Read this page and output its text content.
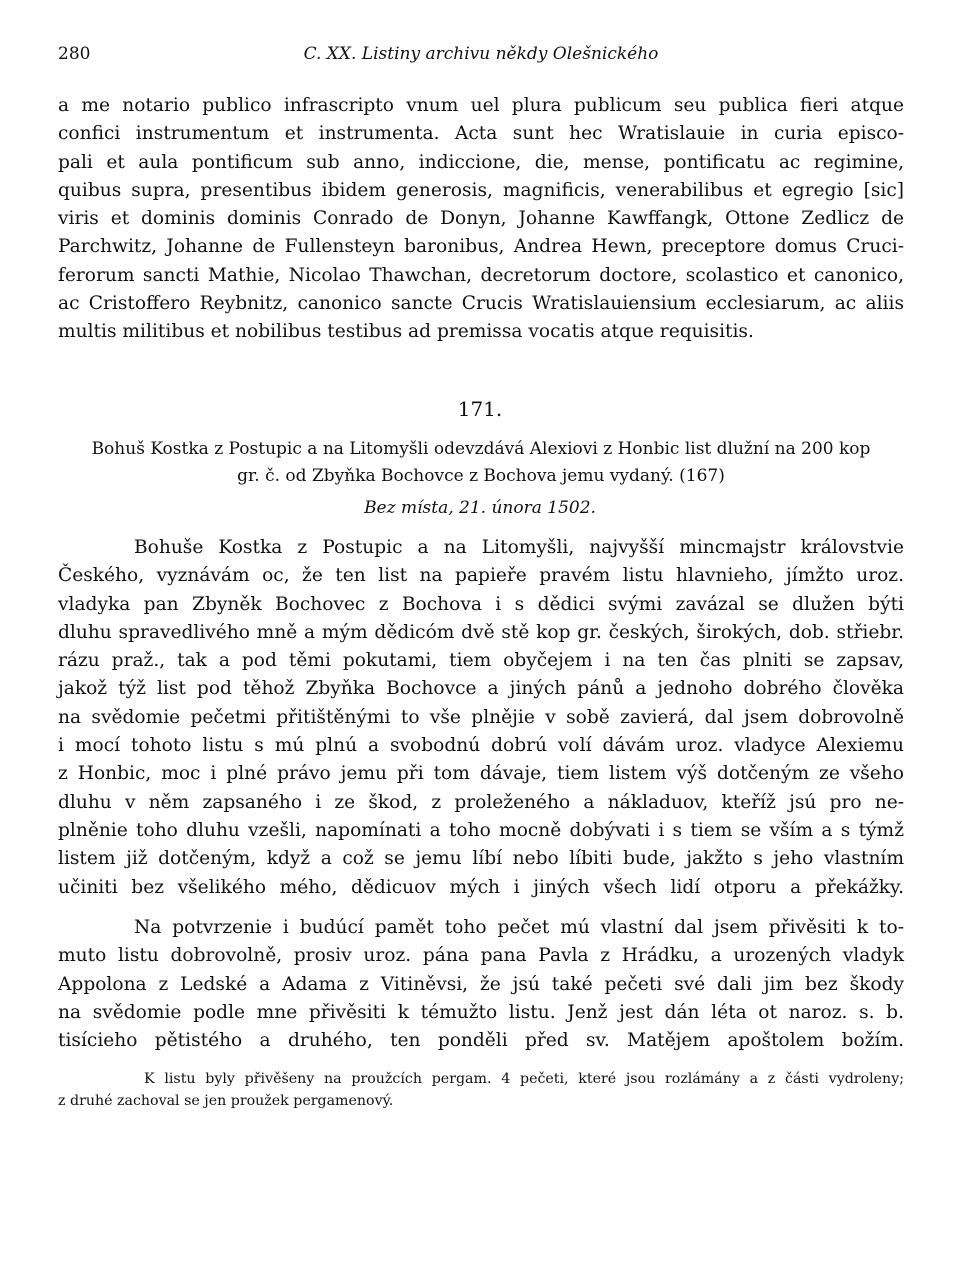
280	C. XX. Listiny archivu někdy Olešnického

a me notario publico infrascripto vnum uel plura publicum seu publica fieri atque

confici instrumentum et instrumenta. Acta sunt hec Wratislauie in curia episco-

pali et aula pontificum sub anno, indiccione, die, mense, pontificatu ac regimine,

quibus supra, presentibus ibidem generosis, magnificis, venerabilibus et egregio [sic]

viris et dominis dominis Conrado de Donyn, Johanne Kawffangk, Ottone Zedlicz de

Parchwitz, Johanne de Fullensteyn baronibus, Andrea Hewn, preceptore domus Cruci-

ferorum sancti Mathie, Nicolao Thawchan, decretorum doctore, scolastico et canonico,

ac Cristoffero Reybnitz, canonico sancte Crucis Wratislauiensium ecclesiarum, ac aliis

multis militibus et nobilibus testibus ad premissa vocatis atque requisitis.

171.
Bohuš Kostka z Postupic a na Litomyšli odevzdává Alexiovi z Honbic list dlužní na 200 kop
gr. č. od Zbyňka Bochovce z Bochova jemu vydaný. (167)
Bez místa, 21. února 1502.

Bohuše Kostka z Postupic a na Litomyšli, najvyšší mincmajstr královstvie

Českého, vyznávám oc, že ten list na papieře pravém listu hlavnieho, jímžto uroz.

vladyka pan Zbyněk Bochovec z Bochova i s dědici svými zavázal se dlužen býti

dluhu spravedlivého mně a mým dědicóm dvě stě kop gr. českých, širokých, dob. střiebr.

rázu praž., tak a pod těmi pokutami, tiem obyčejem i na ten čas plniti se zapsav,

jakož týž list pod těhož Zbyňka Bochovce a jiných pánů a jednoho dobrého člověka

na svědomie pečetmi přitištěnými to vše plnějie v sobě zavierá, dal jsem dobrovolně

i mocí tohoto listu s mú plnú a svobodnú dobrú volí dávám uroz. vladyce Alexiemu

z Honbic, moc i plné právo jemu při tom dávaje, tiem listem výš dotčeným ze všeho

dluhu v něm zapsaného i ze škod, z proleženého a nákladuov, kteříž jsú pro ne-

plněnie toho dluhu vzešli, napomínati a toho mocně dobývati i s tiem se vším a s týmž

listem již dotčeným, když a což se jemu líbí nebo líbiti bude, jakžto s jeho vlastním

učiniti bez všelikého mého, dědicuov mých i jiných všech lidí otporu a překážky.

Na potvrzenie i budúcí pamět toho pečet mú vlastní dal jsem přivěsiti k to-

muto listu dobrovolně, prosiv uroz. pána pana Pavla z Hrádku, a urozených vladyk

Appolona z Ledské a Adama z Vitiněvsi, že jsú také pečeti své dali jim bez škody

na svědomie podle mne přivěsiti k témužto listu. Jenž jest dán léta ot naroz. s. b.

tisícieho pětistého a druhého, ten ponděli před sv. Matějem apoštolem božím.

K listu byly přivěšeny na proužcích pergam. 4 pečeti, které jsou rozlámány a z části vydroleny;
z druhé zachoval se jen proužek pergamenový.
